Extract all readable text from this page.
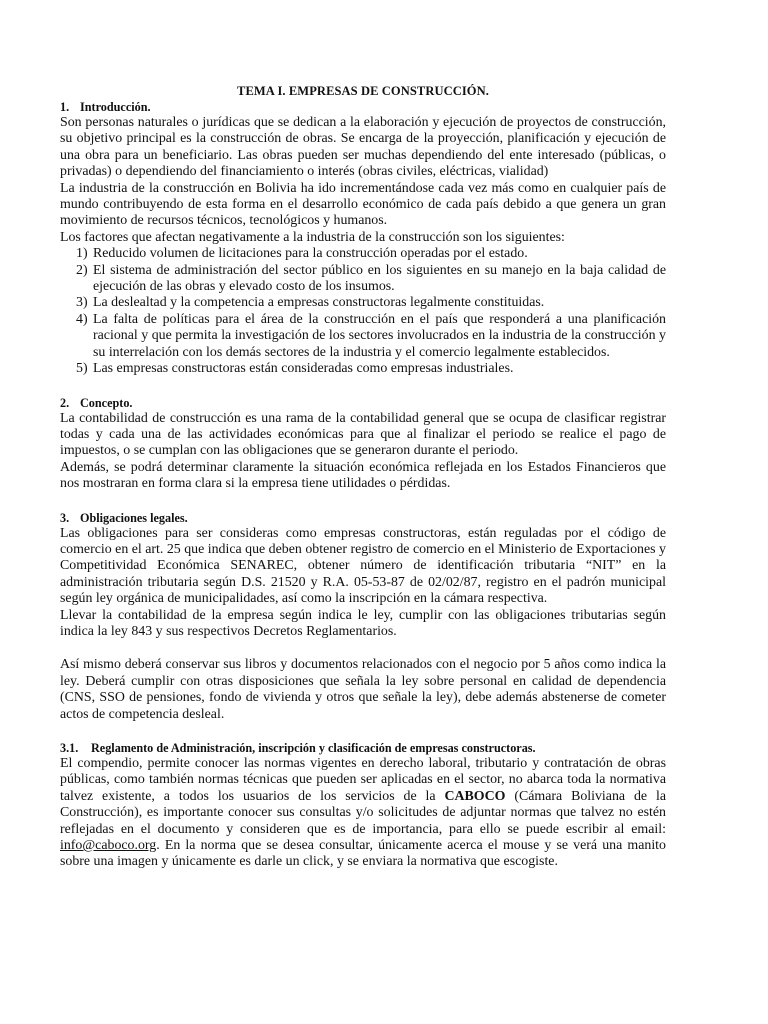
TEMA I. EMPRESAS DE CONSTRUCCIÓN.

1. Introducción.

Son personas naturales o jurídicas que se dedican a la elaboración y ejecución de proyectos de construcción, su objetivo principal es la construcción de obras. Se encarga de la proyección, planificación y ejecución de una obra para un beneficiario. Las obras pueden ser muchas dependiendo del ente interesado (públicas, o privadas) o dependiendo del financiamiento o interés (obras civiles, eléctricas, vialidad)

La industria de la construcción en Bolivia ha ido incrementándose cada vez más como en cualquier país de mundo contribuyendo de esta forma en el desarrollo económico de cada país debido a que genera un gran movimiento de recursos técnicos, tecnológicos y humanos.

Los factores que afectan negativamente a la industria de la construcción son los siguientes:

1) Reducido volumen de licitaciones para la construcción operadas por el estado.
2) El sistema de administración del sector público en los siguientes en su manejo en la baja calidad de ejecución de las obras y elevado costo de los insumos.
3) La deslealtad y la competencia a empresas constructoras legalmente constituidas.
4) La falta de políticas para el área de la construcción en el país que responderá a una planificación racional y que permita la investigación de los sectores involucrados en la industria de la construcción y su interrelación con los demás sectores de la industria y el comercio legalmente establecidos.
5) Las empresas constructoras están consideradas como empresas industriales.

2. Concepto.

La contabilidad de construcción es una rama de la contabilidad general que se ocupa de clasificar registrar todas y cada una de las actividades económicas para que al finalizar el periodo se realice el pago de impuestos, o se cumplan con las obligaciones que se generaron durante el periodo.

Además, se podrá determinar claramente la situación económica reflejada en los Estados Financieros que nos mostraran en forma clara si la empresa tiene utilidades o pérdidas.

3. Obligaciones legales.

Las obligaciones para ser consideras como empresas constructoras, están reguladas por el código de comercio en el art. 25 que indica que deben obtener registro de comercio en el Ministerio de Exportaciones y Competitividad Económica SENAREC, obtener número de identificación tributaria “NIT” en la administración tributaria según D.S. 21520 y R.A. 05-53-87 de 02/02/87, registro en el padrón municipal según ley orgánica de municipalidades, así como la inscripción en la cámara respectiva.

Llevar la contabilidad de la empresa según indica le ley, cumplir con las obligaciones tributarias según indica la ley 843 y sus respectivos Decretos Reglamentarios.

Así mismo deberá conservar sus libros y documentos relacionados con el negocio por 5 años como indica la ley. Deberá cumplir con otras disposiciones que señala la ley sobre personal en calidad de dependencia (CNS, SSO de pensiones, fondo de vivienda y otros que señale la ley), debe además abstenerse de cometer actos de competencia desleal.

3.1. Reglamento de Administración, inscripción y clasificación de empresas constructoras.

El compendio, permite conocer las normas vigentes en derecho laboral, tributario y contratación de obras públicas, como también normas técnicas que pueden ser aplicadas en el sector, no abarca toda la normativa talvez existente, a todos los usuarios de los servicios de la CABOCO (Cámara Boliviana de la Construcción), es importante conocer sus consultas y/o solicitudes de adjuntar normas que talvez no estén reflejadas en el documento y consideren que es de importancia, para ello se puede escribir al email: info@caboco.org. En la norma que se desea consultar, únicamente acerca el mouse y se verá una manito sobre una imagen y únicamente es darle un click, y se enviara la normativa que escogiste.
